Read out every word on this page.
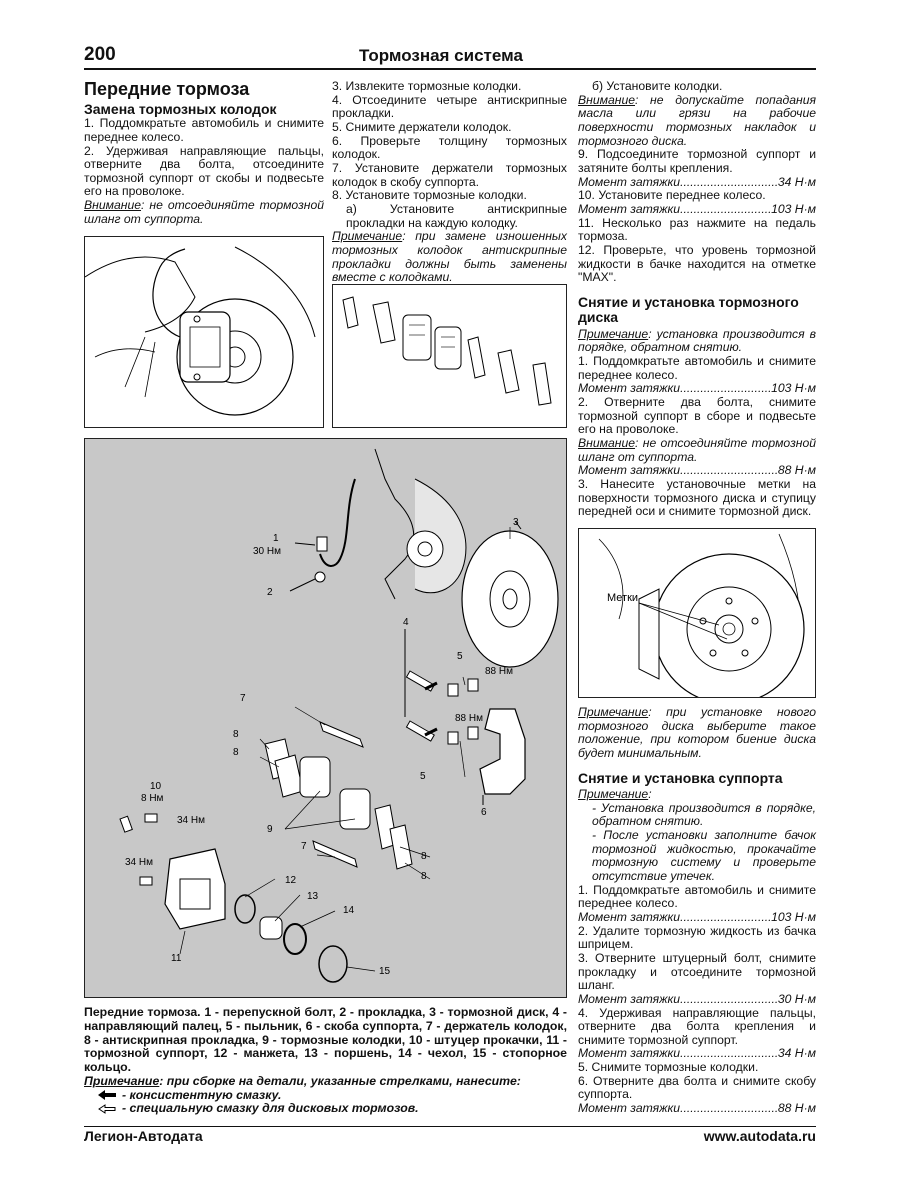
200	Тормозная система
Передние тормоза
Замена тормозных колодок

1. Поддомкратьте автомобиль и снимите переднее колесо.

2. Удерживая направляющие пальцы, отверните два болта, отсоедините тормозной суппорт от скобы и подвесьте его на проволоке.

Внимание: не отсоединяйте тормозной шланг от суппорта.

3. Извлеките тормозные колодки.

4. Отсоедините четыре антискрипные прокладки.

5. Снимите держатели колодок.

6. Проверьте толщину тормозных колодок.

7. Установите держатели тормозных колодок в скобу суппорта.

8. Установите тормозные колодки.

а) Установите антискрипные прокладки на каждую колодку.

Примечание: при замене изношенных тормозных колодок антискрипные прокладки должны быть заменены вместе с колодками.

б) Установите колодки.

Внимание: не допускайте попадания масла или грязи на рабочие поверхности тормозных накладок и тормозного диска.

9. Подсоедините тормозной суппорт и затяните болты крепления.

Момент затяжки .....	34 Н·м

10. Установите переднее колесо.

Момент затяжки .....	103 Н·м

11. Несколько раз нажмите на педаль тормоза.

12. Проверьте, что уровень тормозной жидкости в бачке находится на отметке "MAX".

Снятие и установка тормозного диска

Примечание: установка производится в порядке, обратном снятию.

1. Поддомкратьте автомобиль и снимите переднее колесо.

Момент затяжки .....	103 Н·м

2. Отверните два болта, снимите тормозной суппорт в сборе и подвесьте его на проволоке.

Внимание: не отсоединяйте тормозной шланг от суппорта.

Момент затяжки .....	88 Н·м

3. Нанесите установочные метки на поверхности тормозного диска и ступицу передней оси и снимите тормозной диск.

Метки

Примечание: при установке нового тормозного диска выберите такое положение, при котором биение диска будет минимальным.

Снятие и установка суппорта

Примечание:

- Установка производится в порядке, обратном снятию.

- После установки заполните бачок тормозной жидкостью, прокачайте тормозную систему и проверьте отсутствие утечек.

1. Поддомкратьте автомобиль и снимите переднее колесо.

Момент затяжки .....	103 Н·м

2. Удалите тормозную жидкость из бачка шприцем.

3. Отверните штуцерный болт, снимите прокладку и отсоедините тормозной шланг.

Момент затяжки .....	30 Н·м

4. Удерживая направляющие пальцы, отверните два болта крепления и снимите тормозной суппорт.

Момент затяжки .....	34 Н·м

5. Снимите тормозные колодки.

6. Отверните два болта и снимите скобу суппорта.

Момент затяжки .....	88 Н·м
1
30 Нм
2
3
4
5
88 Нм
88 Нм
5
6
7
8
8
10
8 Нм
34 Нм
9
34 Нм
7
8
8
12
13
14
11
15

Передние тормоза. 1 - перепускной болт, 2 - прокладка, 3 - тормозной диск, 4 - направляющий палец, 5 - пыльник, 6 - скоба суппорта, 7 - держатель колодок, 8 - антискрипная прокладка, 9 - тормозные колодки, 10 - штуцер прокачки, 11 - тормозной суппорт, 12 - манжета, 13 - поршень, 14 - чехол, 15 - стопорное кольцо.

Примечание: при сборке на детали, указанные стрелками, нанесите:

- консистентную смазку.
- специальную смазку для дисковых тормозов.
Легион-Автодата	www.autodata.ru
